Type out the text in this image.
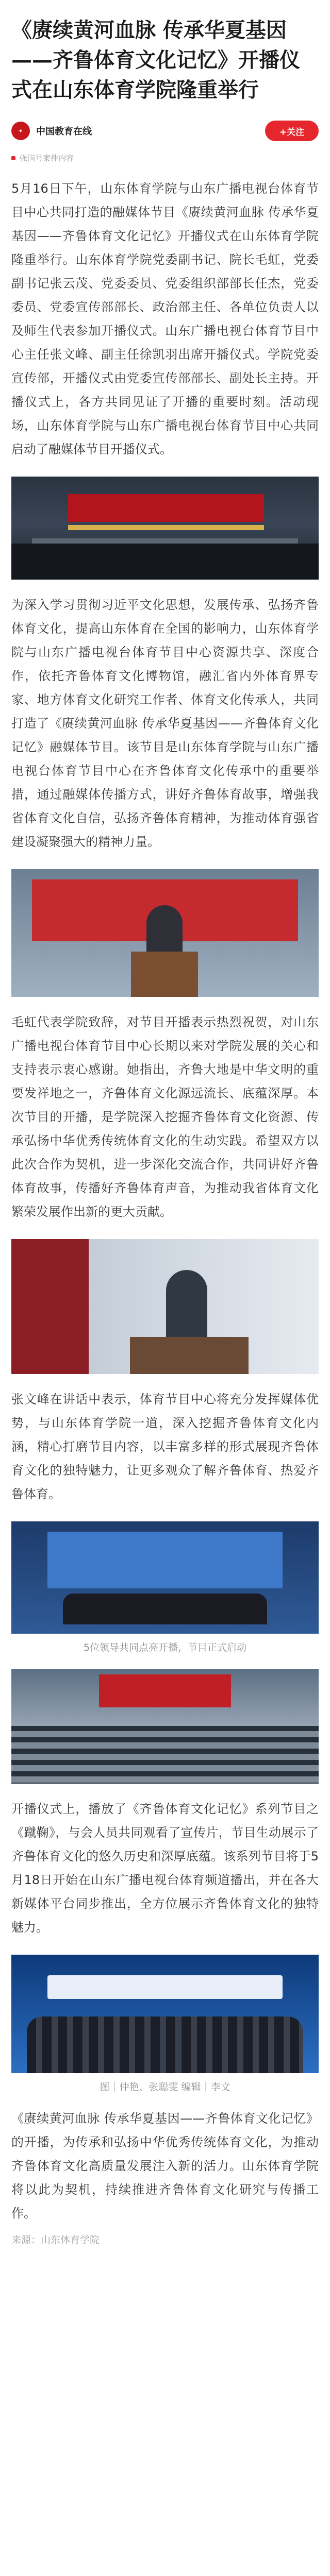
《赓续黄河血脉 传承华夏基因——齐鲁体育文化记忆》开播仪式在山东体育学院隆重举行
✦ 中国教育在线	+关注
强国号案件内容

5月16日下午，山东体育学院与山东广播电视台体育节目中心共同打造的融媒体节目《赓续黄河血脉 传承华夏基因——齐鲁体育文化记忆》开播仪式在山东体育学院隆重举行。山东体育学院党委副书记、院长毛虹，党委副书记张云茂、党委委员、党委组织部部长任杰，党委委员、党委宣传部部长、政治部主任、各单位负责人以及师生代表参加开播仪式。山东广播电视台体育节目中心主任张文峰、副主任徐凯羽出席开播仪式。学院党委宣传部，开播仪式由党委宣传部部长、副处长主持。开播仪式上，各方共同见证了开播的重要时刻。活动现场，山东体育学院与山东广播电视台体育节目中心共同启动了融媒体节目开播仪式。

为深入学习贯彻习近平文化思想，发展传承、弘扬齐鲁体育文化，提高山东体育在全国的影响力，山东体育学院与山东广播电视台体育节目中心资源共享、深度合作，依托齐鲁体育文化博物馆，融汇省内外体育界专家、地方体育文化研究工作者、体育文化传承人，共同打造了《赓续黄河血脉 传承华夏基因——齐鲁体育文化记忆》融媒体节目。该节目是山东体育学院与山东广播电视台体育节目中心在齐鲁体育文化传承中的重要举措，通过融媒体传播方式，讲好齐鲁体育故事，增强我省体育文化自信，弘扬齐鲁体育精神，为推动体育强省建设凝聚强大的精神力量。

毛虹代表学院致辞，对节目开播表示热烈祝贺，对山东广播电视台体育节目中心长期以来对学院发展的关心和支持表示衷心感谢。她指出，齐鲁大地是中华文明的重要发祥地之一，齐鲁体育文化源远流长、底蕴深厚。本次节目的开播，是学院深入挖掘齐鲁体育文化资源、传承弘扬中华优秀传统体育文化的生动实践。希望双方以此次合作为契机，进一步深化交流合作，共同讲好齐鲁体育故事，传播好齐鲁体育声音，为推动我省体育文化繁荣发展作出新的更大贡献。

张文峰在讲话中表示，体育节目中心将充分发挥媒体优势，与山东体育学院一道，深入挖掘齐鲁体育文化内涵，精心打磨节目内容，以丰富多样的形式展现齐鲁体育文化的独特魅力，让更多观众了解齐鲁体育、热爱齐鲁体育。

5位领导共同点亮开播，节目正式启动

开播仪式上，播放了《齐鲁体育文化记忆》系列节目之《蹴鞠》，与会人员共同观看了宣传片，节目生动展示了齐鲁体育文化的悠久历史和深厚底蕴。该系列节目将于5月18日开始在山东广播电视台体育频道播出，并在各大新媒体平台同步推出，全方位展示齐鲁体育文化的独特魅力。

图｜仲艳、张聪雯 编辑｜李文

《赓续黄河血脉 传承华夏基因——齐鲁体育文化记忆》的开播，为传承和弘扬中华优秀传统体育文化，为推动齐鲁体育文化高质量发展注入新的活力。山东体育学院将以此为契机，持续推进齐鲁体育文化研究与传播工作。

来源：山东体育学院
